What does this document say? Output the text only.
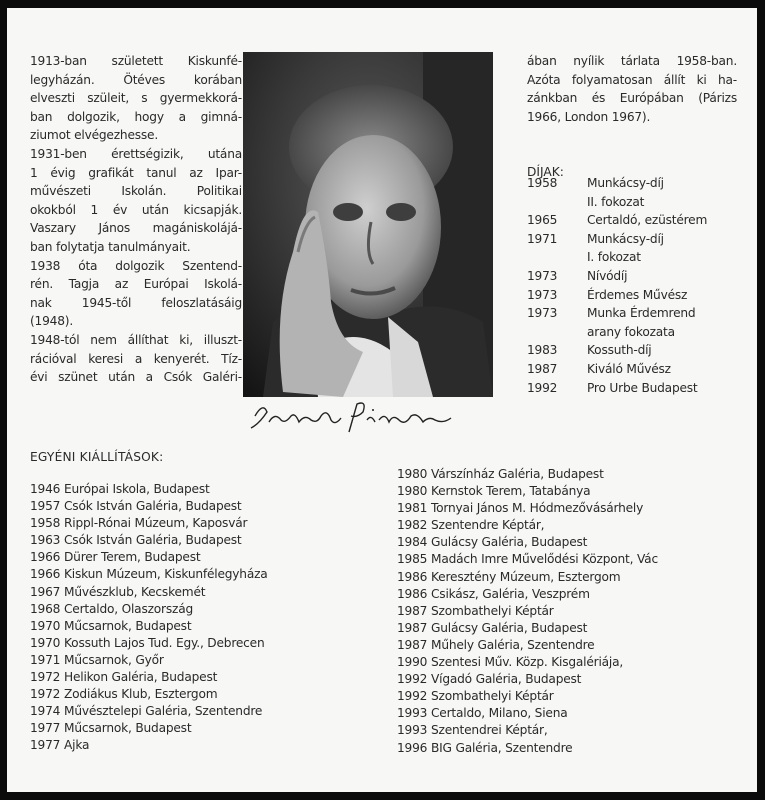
1913-ban született Kiskunfé-

legyházán. Ötéves korában

elveszti szüleit, s gyermekkorá-

ban dolgozik, hogy a gimná-

ziumot elvégezhesse.

1931-ben érettségizik, utána

1 évig grafikát tanul az Ipar-

művészeti Iskolán. Politikai

okokból 1 év után kicsapják.

Vaszary János magániskolájá-

ban folytatja tanulmányait.

1938 óta dolgozik Szentend-

rén. Tagja az Európai Iskolá-

nak 1945-től feloszlatásáig

(1948).

1948-tól nem állíthat ki, illuszt-

rációval keresi a kenyerét. Tíz-

évi szünet után a Csók Galéri-

ában nyílik tárlata 1958-ban.

Azóta folyamatosan állít ki ha-

zánkban és Európában (Párizs

1966, London 1967).

DÍJAK:
1958 Munkácsy-díj
II. fokozat
1965 Certaldó, ezüstérem
1971 Munkácsy-díj
I. fokozat
1973 Nívódíj
1973 Érdemes Művész
1973 Munka Érdemrend
arany fokozata
1983 Kossuth-díj
1987 Kiváló Művész
1992 Pro Urbe Budapest
EGYÉNI KIÁLLÍTÁSOK:
1946 Európai Iskola, Budapest
1957 Csók István Galéria, Budapest
1958 Rippl-Rónai Múzeum, Kaposvár
1963 Csók István Galéria, Budapest
1966 Dürer Terem, Budapest
1966 Kiskun Múzeum, Kiskunfélegyháza
1967 Művészklub, Kecskemét
1968 Certaldo, Olaszország
1970 Műcsarnok, Budapest
1970 Kossuth Lajos Tud. Egy., Debrecen
1971 Műcsarnok, Győr
1972 Helikon Galéria, Budapest
1972 Zodiákus Klub, Esztergom
1974 Művésztelepi Galéria, Szentendre
1977 Műcsarnok, Budapest
1977 Ajka
1980 Várszínház Galéria, Budapest
1980 Kernstok Terem, Tatabánya
1981 Tornyai János M. Hódmezővásárhely
1982 Szentendre Képtár,
1984 Gulácsy Galéria, Budapest
1985 Madách Imre Művelődési Központ, Vác
1986 Keresztény Múzeum, Esztergom
1986 Csikász, Galéria, Veszprém
1987 Szombathelyi Képtár
1987 Gulácsy Galéria, Budapest
1987 Műhely Galéria, Szentendre
1990 Szentesi Műv. Közp. Kisgalériája,
1992 Vígadó Galéria, Budapest
1992 Szombathelyi Képtár
1993 Certaldo, Milano, Siena
1993 Szentendrei Képtár,
1996 BIG Galéria, Szentendre
